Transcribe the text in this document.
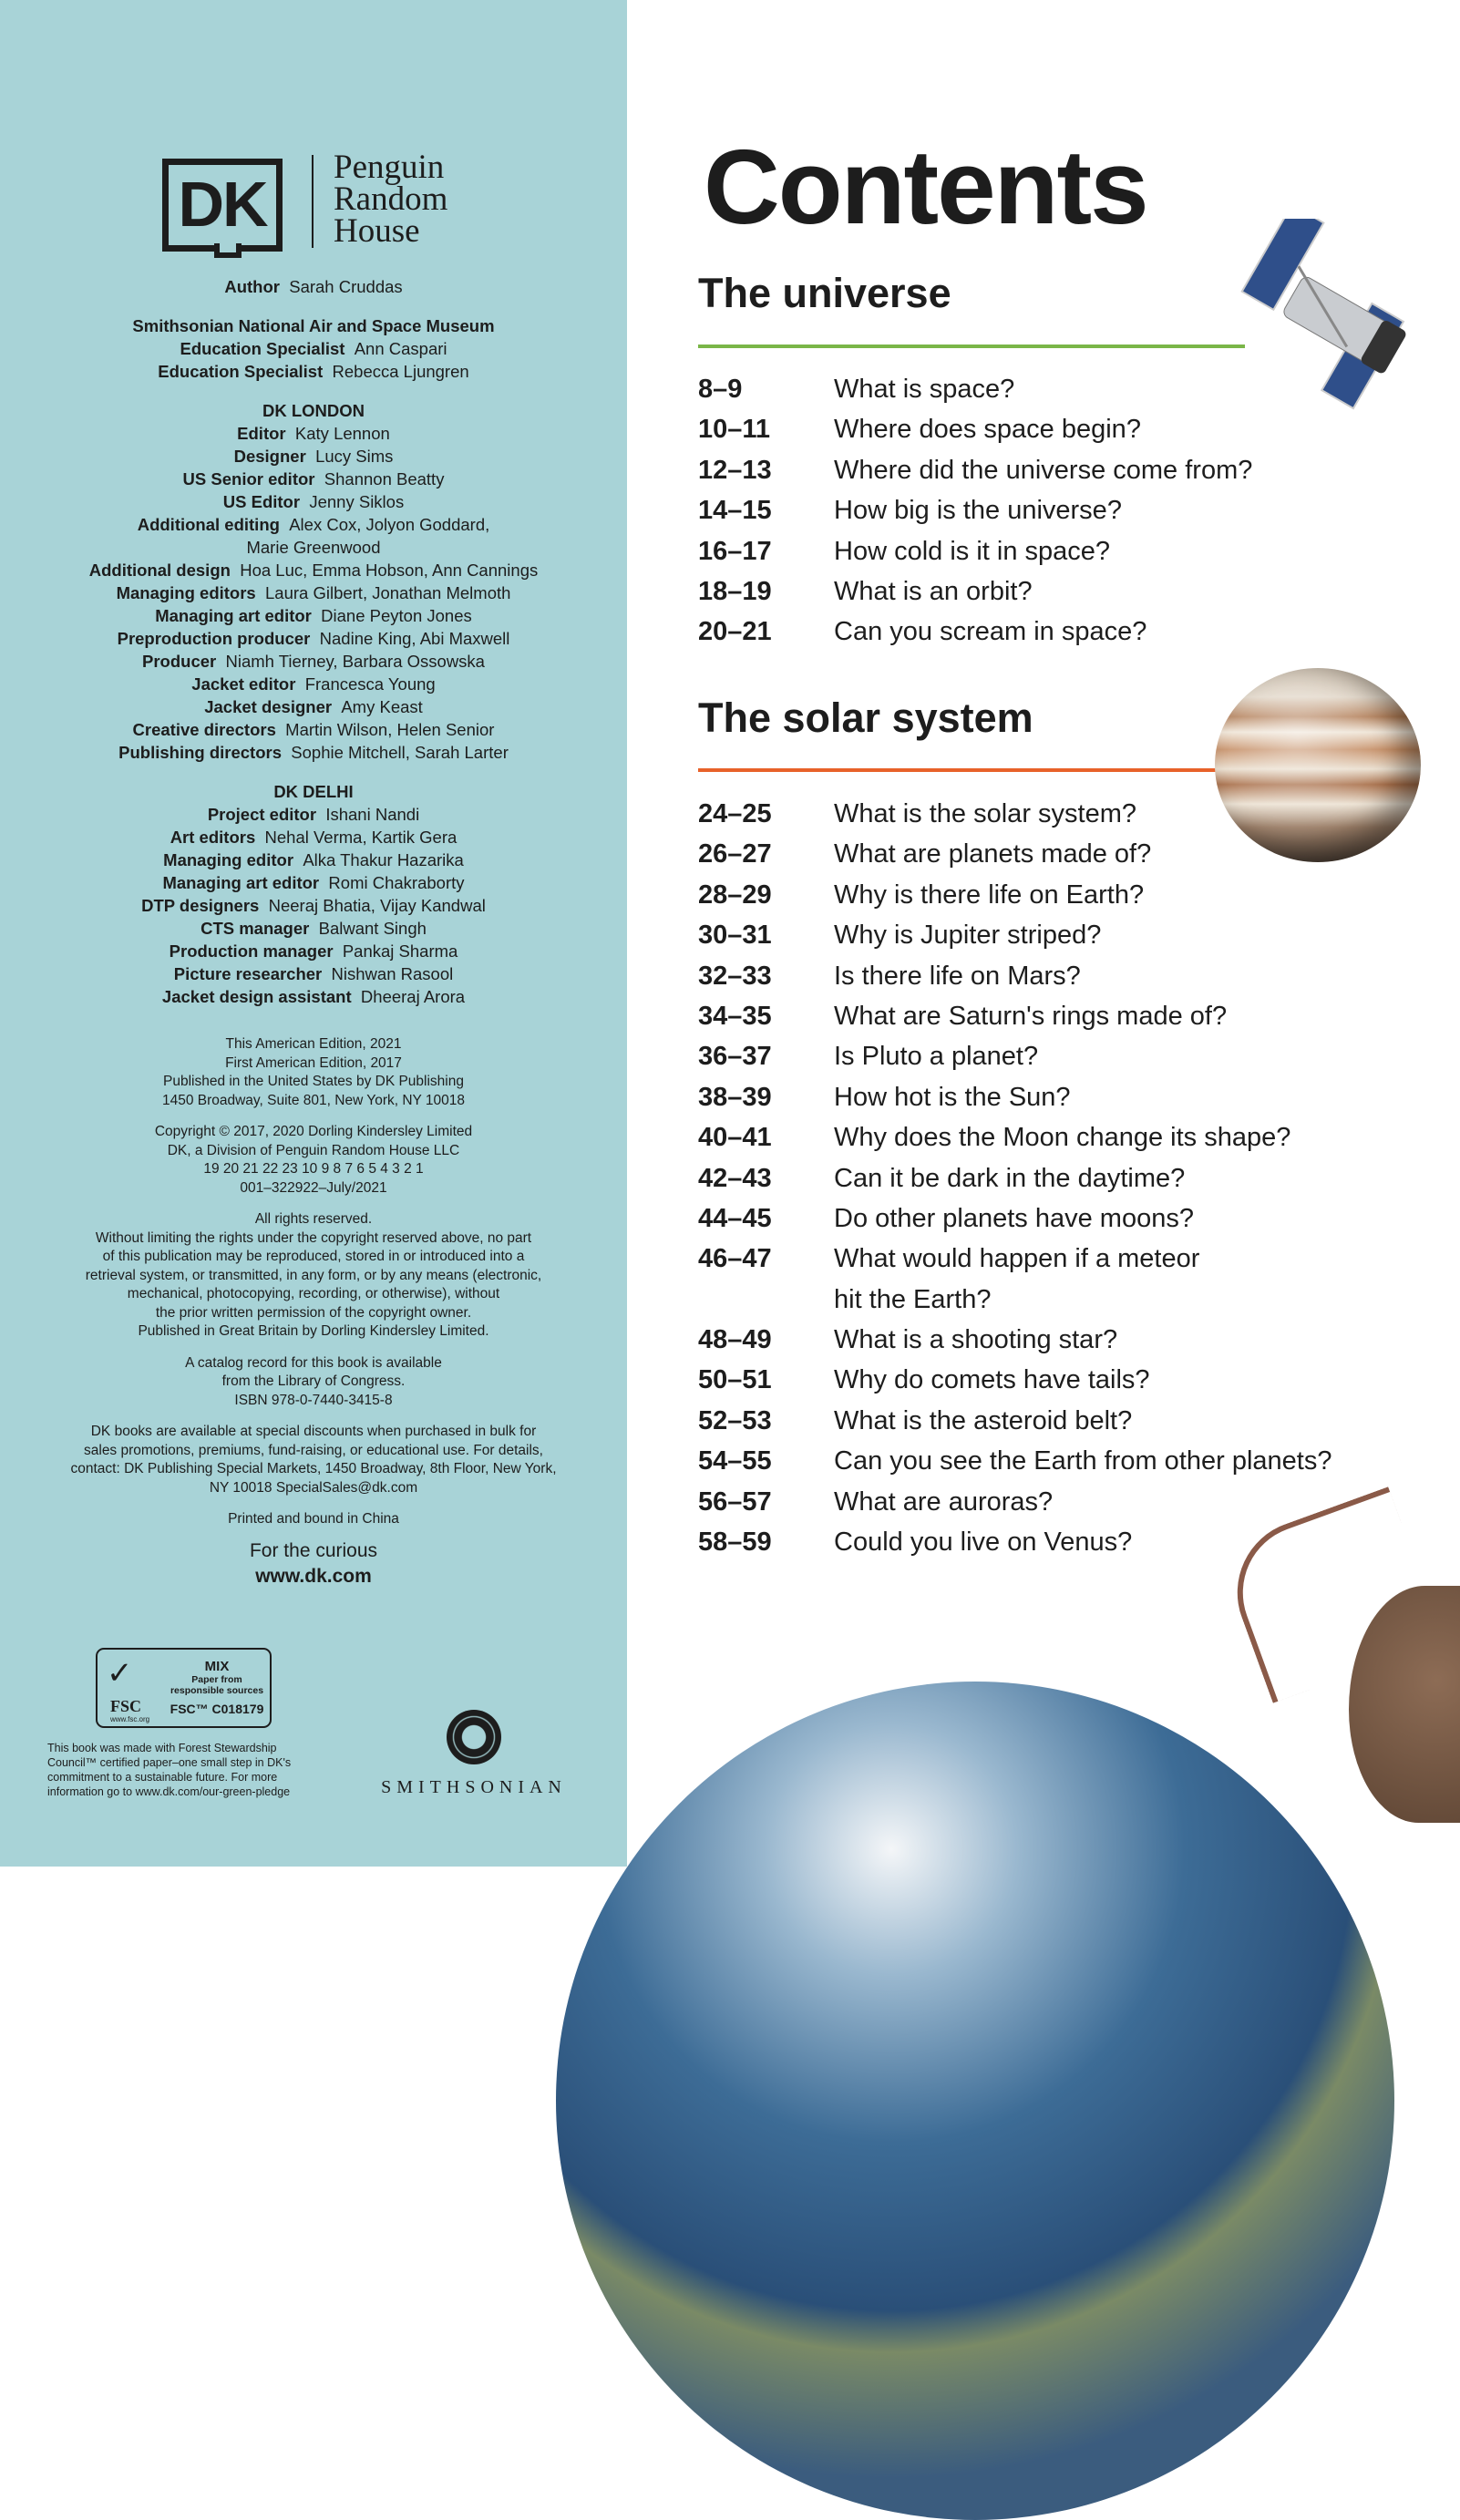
DK
Penguin
Random
House
Author Sarah Cruddas
Smithsonian National Air and Space Museum
Education Specialist Ann Caspari
Education Specialist Rebecca Ljungren
DK LONDON
Editor Katy Lennon
Designer Lucy Sims
US Senior editor Shannon Beatty
US Editor Jenny Siklos
Additional editing Alex Cox, Jolyon Goddard,
Marie Greenwood
Additional design Hoa Luc, Emma Hobson, Ann Cannings
Managing editors Laura Gilbert, Jonathan Melmoth
Managing art editor Diane Peyton Jones
Preproduction producer Nadine King, Abi Maxwell
Producer Niamh Tierney, Barbara Ossowska
Jacket editor Francesca Young
Jacket designer Amy Keast
Creative directors Martin Wilson, Helen Senior
Publishing directors Sophie Mitchell, Sarah Larter
DK DELHI
Project editor Ishani Nandi
Art editors Nehal Verma, Kartik Gera
Managing editor Alka Thakur Hazarika
Managing art editor Romi Chakraborty
DTP designers Neeraj Bhatia, Vijay Kandwal
CTS manager Balwant Singh
Production manager Pankaj Sharma
Picture researcher Nishwan Rasool
Jacket design assistant Dheeraj Arora

This American Edition, 2021
First American Edition, 2017
Published in the United States by DK Publishing
1450 Broadway, Suite 801, New York, NY 10018

Copyright © 2017, 2020 Dorling Kindersley Limited
DK, a Division of Penguin Random House LLC
19 20 21 22 23 10 9 8 7 6 5 4 3 2 1
001–322922–July/2021

All rights reserved.
Without limiting the rights under the copyright reserved above, no part
of this publication may be reproduced, stored in or introduced into a
retrieval system, or transmitted, in any form, or by any means (electronic,
mechanical, photocopying, recording, or otherwise), without
the prior written permission of the copyright owner.
Published in Great Britain by Dorling Kindersley Limited.

A catalog record for this book is available
from the Library of Congress.
ISBN 978-0-7440-3415-8

DK books are available at special discounts when purchased in bulk for
sales promotions, premiums, fund-raising, or educational use. For details,
contact: DK Publishing Special Markets, 1450 Broadway, 8th Floor, New York,
NY 10018 SpecialSales@dk.com

Printed and bound in China

For the curious
www.dk.com
✓
FSC
www.fsc.org
MIX
Paper from
responsible sources
FSC™ C018179
This book was made with Forest Stewardship
Council™ certified paper–one small step in DK's
commitment to a sustainable future. For more
information go to www.dk.com/our-green-pledge	SMITHSONIAN
Contents
The universe
8–9	What is space?
10–11	Where does space begin?
12–13	Where did the universe come from?
14–15	How big is the universe?
16–17	How cold is it in space?
18–19	What is an orbit?
20–21	Can you scream in space?
The solar system
24–25	What is the solar system?
26–27	What are planets made of?
28–29	Why is there life on Earth?
30–31	Why is Jupiter striped?
32–33	Is there life on Mars?
34–35	What are Saturn's rings made of?
36–37	Is Pluto a planet?
38–39	How hot is the Sun?
40–41	Why does the Moon change its shape?
42–43	Can it be dark in the daytime?
44–45	Do other planets have moons?
46–47	What would happen if a meteor
hit the Earth?
48–49	What is a shooting star?
50–51	Why do comets have tails?
52–53	What is the asteroid belt?
54–55	Can you see the Earth from other planets?
56–57	What are auroras?
58–59	Could you live on Venus?
